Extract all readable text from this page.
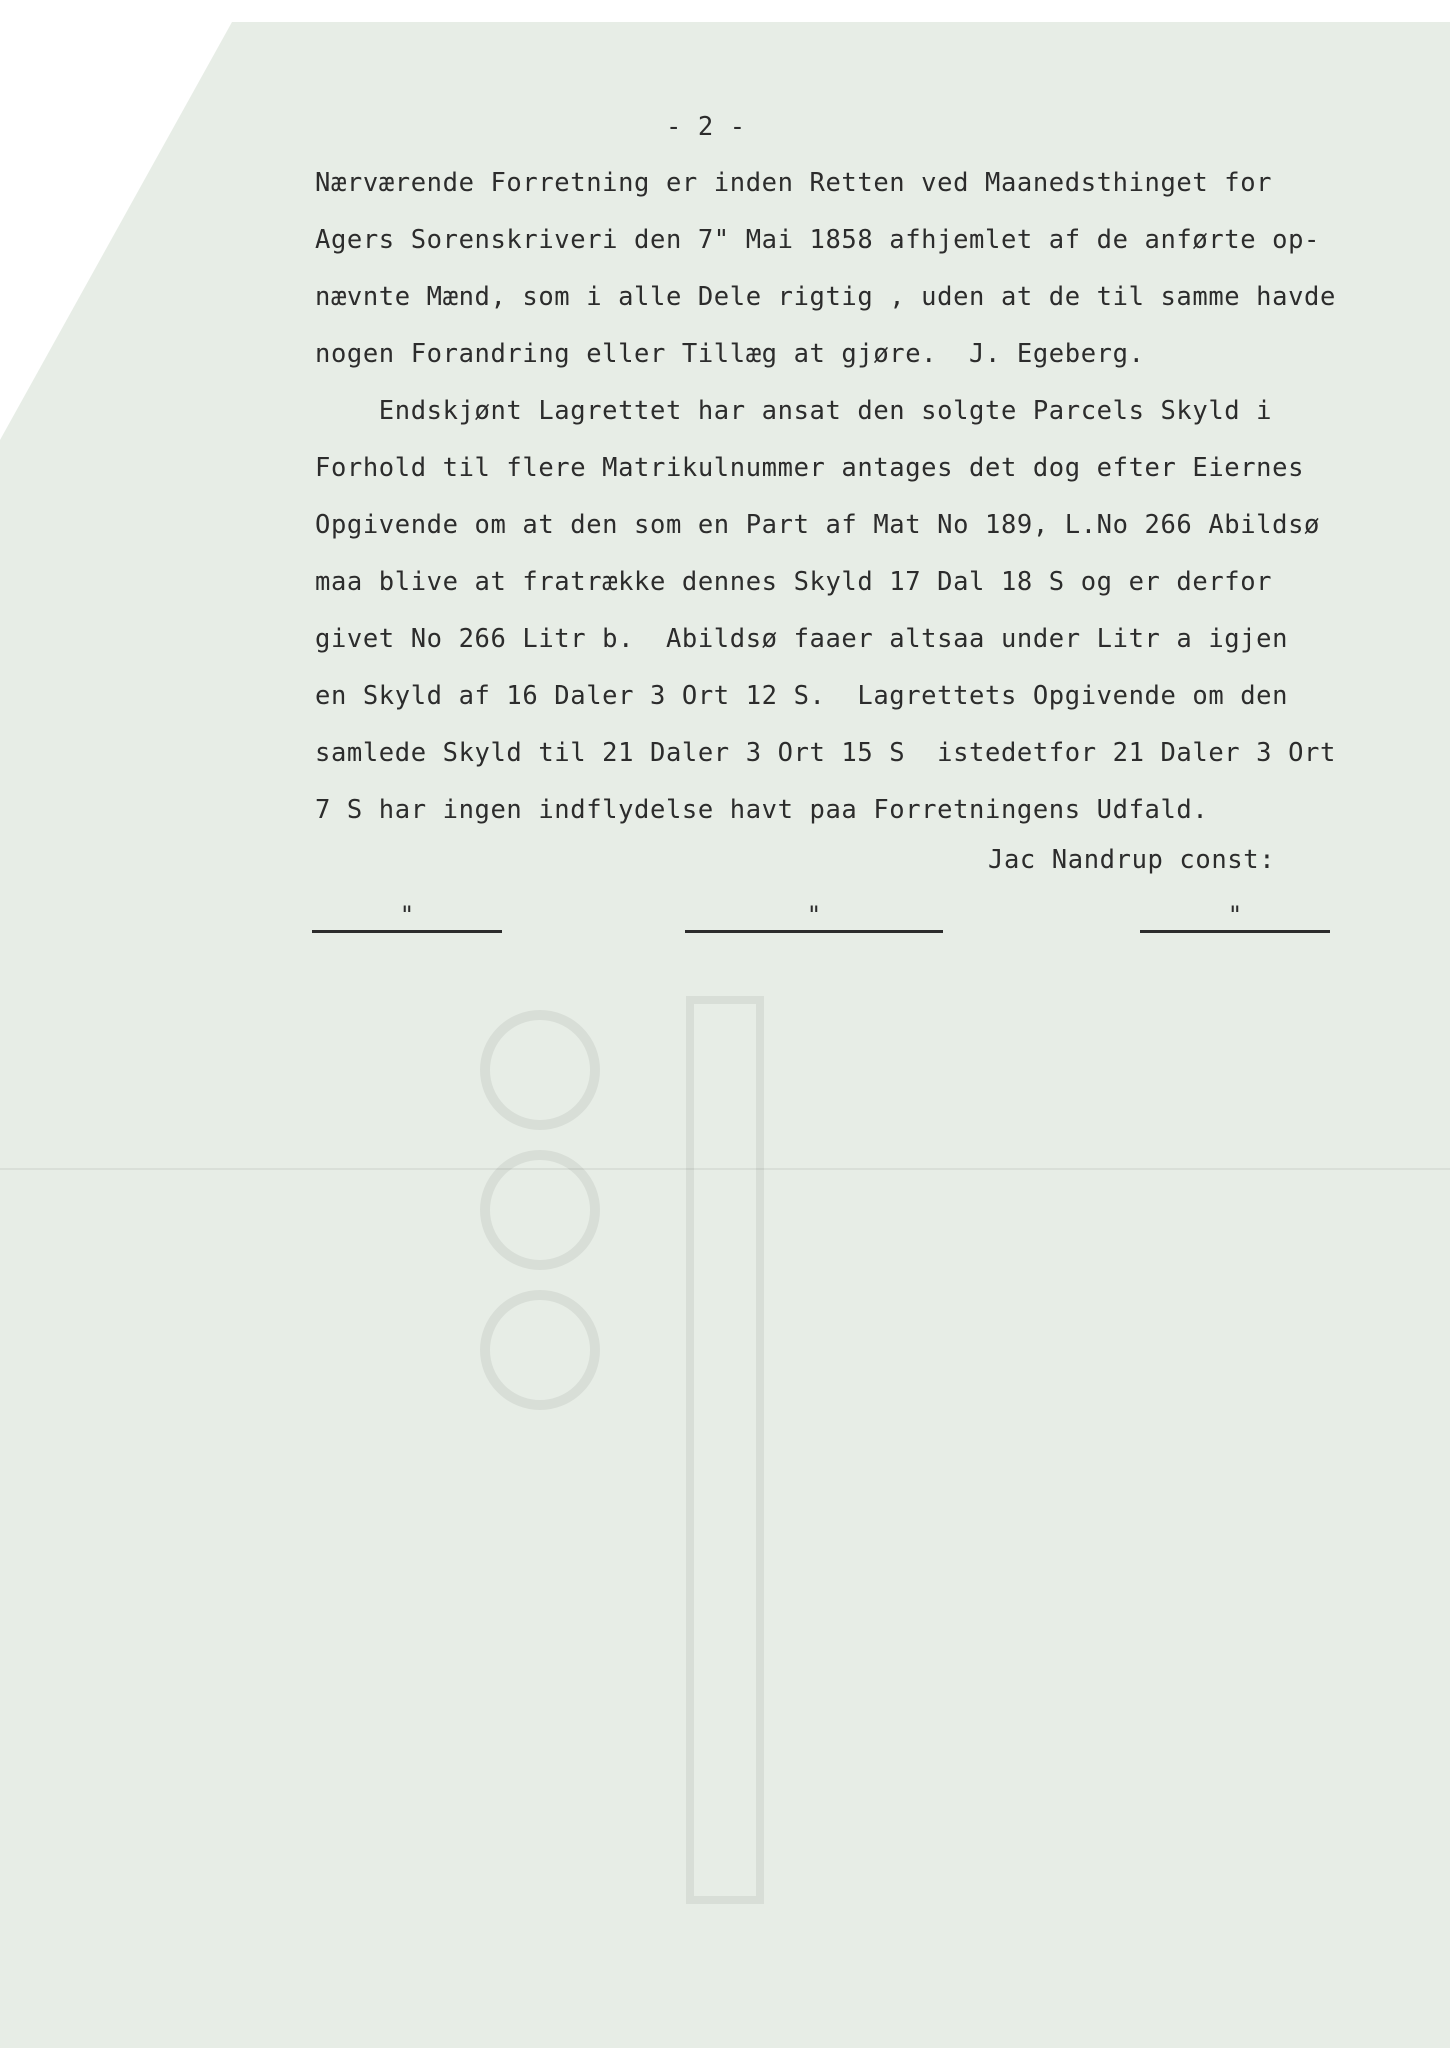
- 2 -
Nærværende Forretning er inden Retten ved Maanedsthinget for
Agers Sorenskriveri den 7" Mai 1858 afhjemlet af de anførte op-
nævnte Mænd, som i alle Dele rigtig , uden at de til samme havde
nogen Forandring eller Tillæg at gjøre.  J. Egeberg.
Endskjønt Lagrettet har ansat den solgte Parcels Skyld i
Forhold til flere Matrikulnummer antages det dog efter Eiernes
Opgivende om at den som en Part af Mat No 189, L.No 266 Abildsø
maa blive at fratrække dennes Skyld 17 Dal 18 S og er derfor
givet No 266 Litr b.  Abildsø faaer altsaa under Litr a igjen
en Skyld af 16 Daler 3 Ort 12 S.  Lagrettets Opgivende om den
samlede Skyld til 21 Daler 3 Ort 15 S  istedetfor 21 Daler 3 Ort
7 S har ingen indflydelse havt paa Forretningens Udfald.
Jac Nandrup const:
"	"	"
